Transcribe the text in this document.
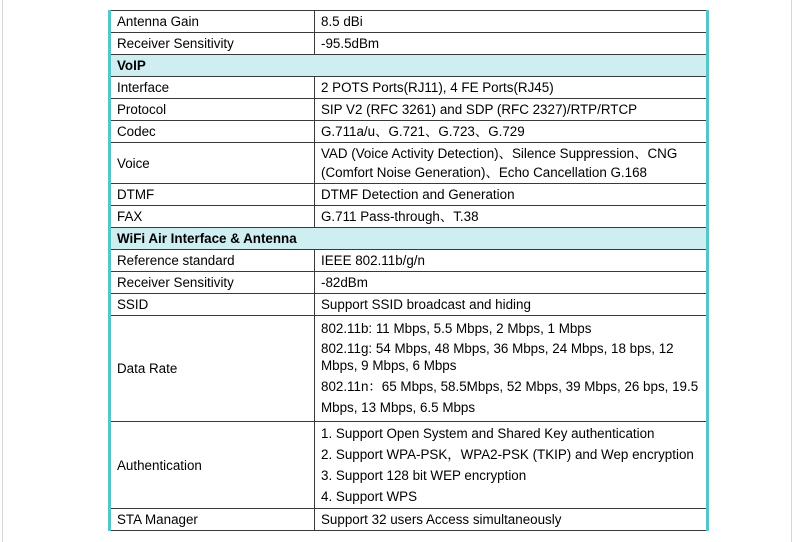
Antenna Gain	8.5 dBi
Receiver Sensitivity	-95.5dBm
VoIP	
Interface	2 POTS Ports(RJ11), 4 FE Ports(RJ45)
Protocol	SIP V2 (RFC 3261) and SDP (RFC 2327)/RTP/RTCP
Codec	G.711a/u、G.721、G.723、G.729
Voice	VAD (Voice Activity Detection)、Silence Suppression、CNG (Comfort Noise Generation)、Echo Cancellation G.168
DTMF	DTMF Detection and Generation
FAX	G.711 Pass-through、T.38
WiFi Air Interface & Antenna	
Reference standard	IEEE 802.11b/g/n
Receiver Sensitivity	-82dBm
SSID	Support SSID broadcast and hiding
Data Rate	802.11b: 11 Mbps, 5.5 Mbps, 2 Mbps, 1 Mbps

802.11g: 54 Mbps, 48 Mbps, 36 Mbps, 24 Mbps, 18 bps, 12 Mbps, 9 Mbps, 6 Mbps

802.11n：65 Mbps, 58.5Mbps, 52 Mbps, 39 Mbps, 26 bps, 19.5 Mbps, 13 Mbps, 6.5 Mbps

Authentication	1. Support Open System and Shared Key authentication

2. Support WPA-PSK，WPA2-PSK (TKIP) and Wep encryption

3. Support 128 bit WEP encryption

4. Support WPS

STA Manager	Support 32 users Access simultaneously
